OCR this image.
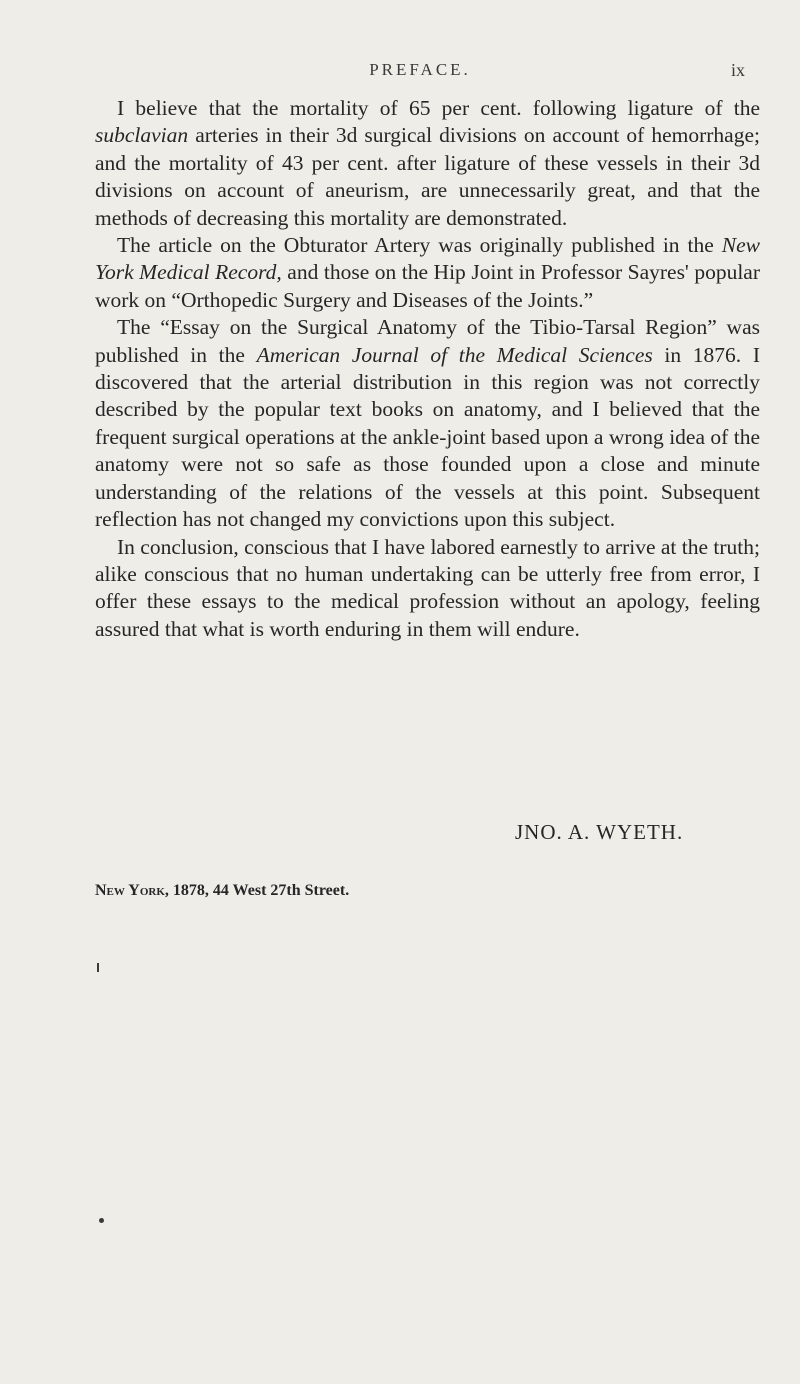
PREFACE.	ix

I believe that the mortality of 65 per cent. following ligature of the subclavian arteries in their 3d surgical divisions on account of hemorrhage; and the mortality of 43 per cent. after ligature of these vessels in their 3d divisions on account of aneurism, are unnecessarily great, and that the methods of decreasing this mortality are demonstrated.

The article on the Obturator Artery was originally published in the New York Medical Record, and those on the Hip Joint in Professor Sayres' popular work on “Orthopedic Surgery and Diseases of the Joints.”

The “Essay on the Surgical Anatomy of the Tibio-Tarsal Region” was published in the American Journal of the Medical Sciences in 1876. I discovered that the arterial distribution in this region was not correctly described by the popular text books on anatomy, and I believed that the frequent surgical operations at the ankle-joint based upon a wrong idea of the anatomy were not so safe as those founded upon a close and minute understanding of the relations of the vessels at this point. Subsequent reflection has not changed my convictions upon this subject.

In conclusion, conscious that I have labored earnestly to arrive at the truth; alike conscious that no human undertaking can be utterly free from error, I offer these essays to the medical profession without an apology, feeling assured that what is worth enduring in them will endure.

JNO. A. WYETH.
New York, 1878, 44 West 27th Street.
